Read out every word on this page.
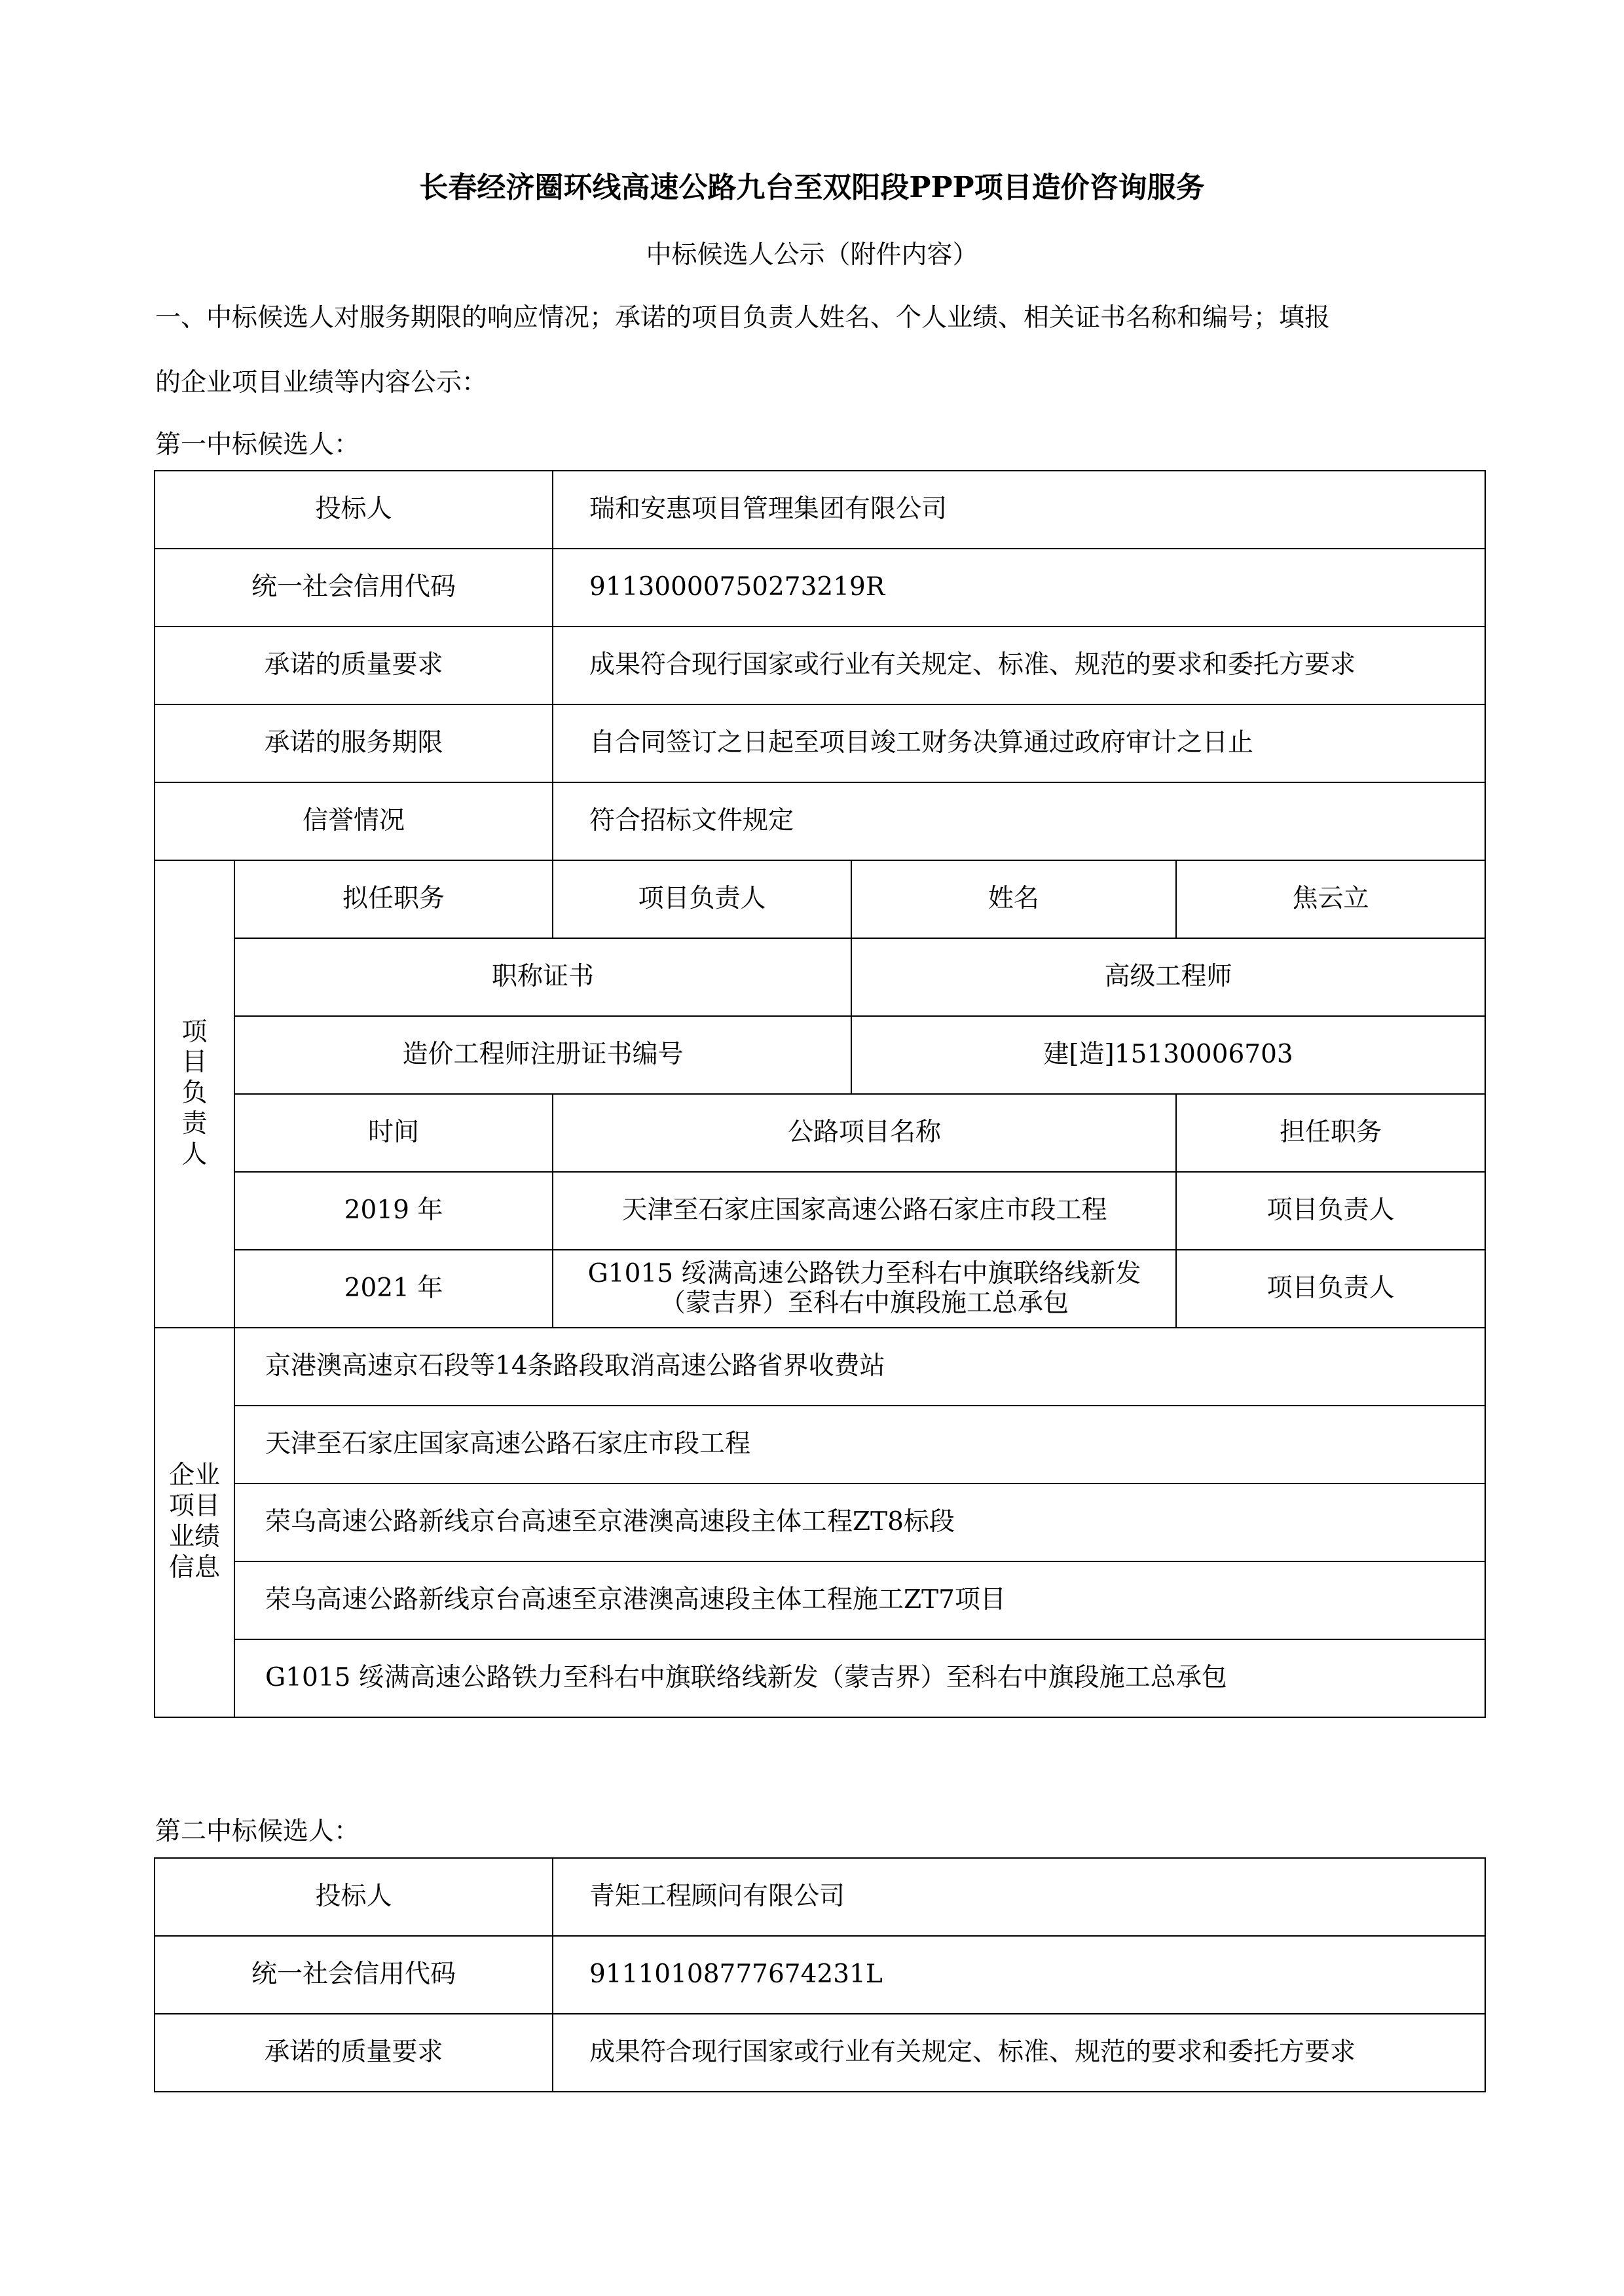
长春经济圈环线高速公路九台至双阳段PPP项目造价咨询服务
中标候选人公示（附件内容）
一、中标候选人对服务期限的响应情况；承诺的项目负责人姓名、个人业绩、相关证书名称和编号；填报
的企业项目业绩等内容公示：
第一中标候选人：
投标人		瑞和安惠项目管理集团有限公司		
统一社会信用代码		91130000750273219R		
承诺的质量要求		成果符合现行国家或行业有关规定、标准、规范的要求和委托方要求		
承诺的服务期限		自合同签订之日起至项目竣工财务决算通过政府审计之日止		
信誉情况		符合招标文件规定		
项目负责人	拟任职务	项目负责人	姓名	焦云立
	职称证书		高级工程师	
	造价工程师注册证书编号		建[造]15130006703	
	时间	公路项目名称		担任职务
	2019 年	天津至石家庄国家高速公路石家庄市段工程		项目负责人
	2021 年	G1015 绥满高速公路铁力至科右中旗联络线新发（蒙吉界）至科右中旗段施工总承包		项目负责人
企业项目业绩信息	京港澳高速京石段等14条路段取消高速公路省界收费站			
	天津至石家庄国家高速公路石家庄市段工程			
	荣乌高速公路新线京台高速至京港澳高速段主体工程ZT8标段			
	荣乌高速公路新线京台高速至京港澳高速段主体工程施工ZT7项目			
	G1015 绥满高速公路铁力至科右中旗联络线新发（蒙吉界）至科右中旗段施工总承包			
第二中标候选人：
投标人	青矩工程顾问有限公司
统一社会信用代码	91110108777674231L
承诺的质量要求	成果符合现行国家或行业有关规定、标准、规范的要求和委托方要求
